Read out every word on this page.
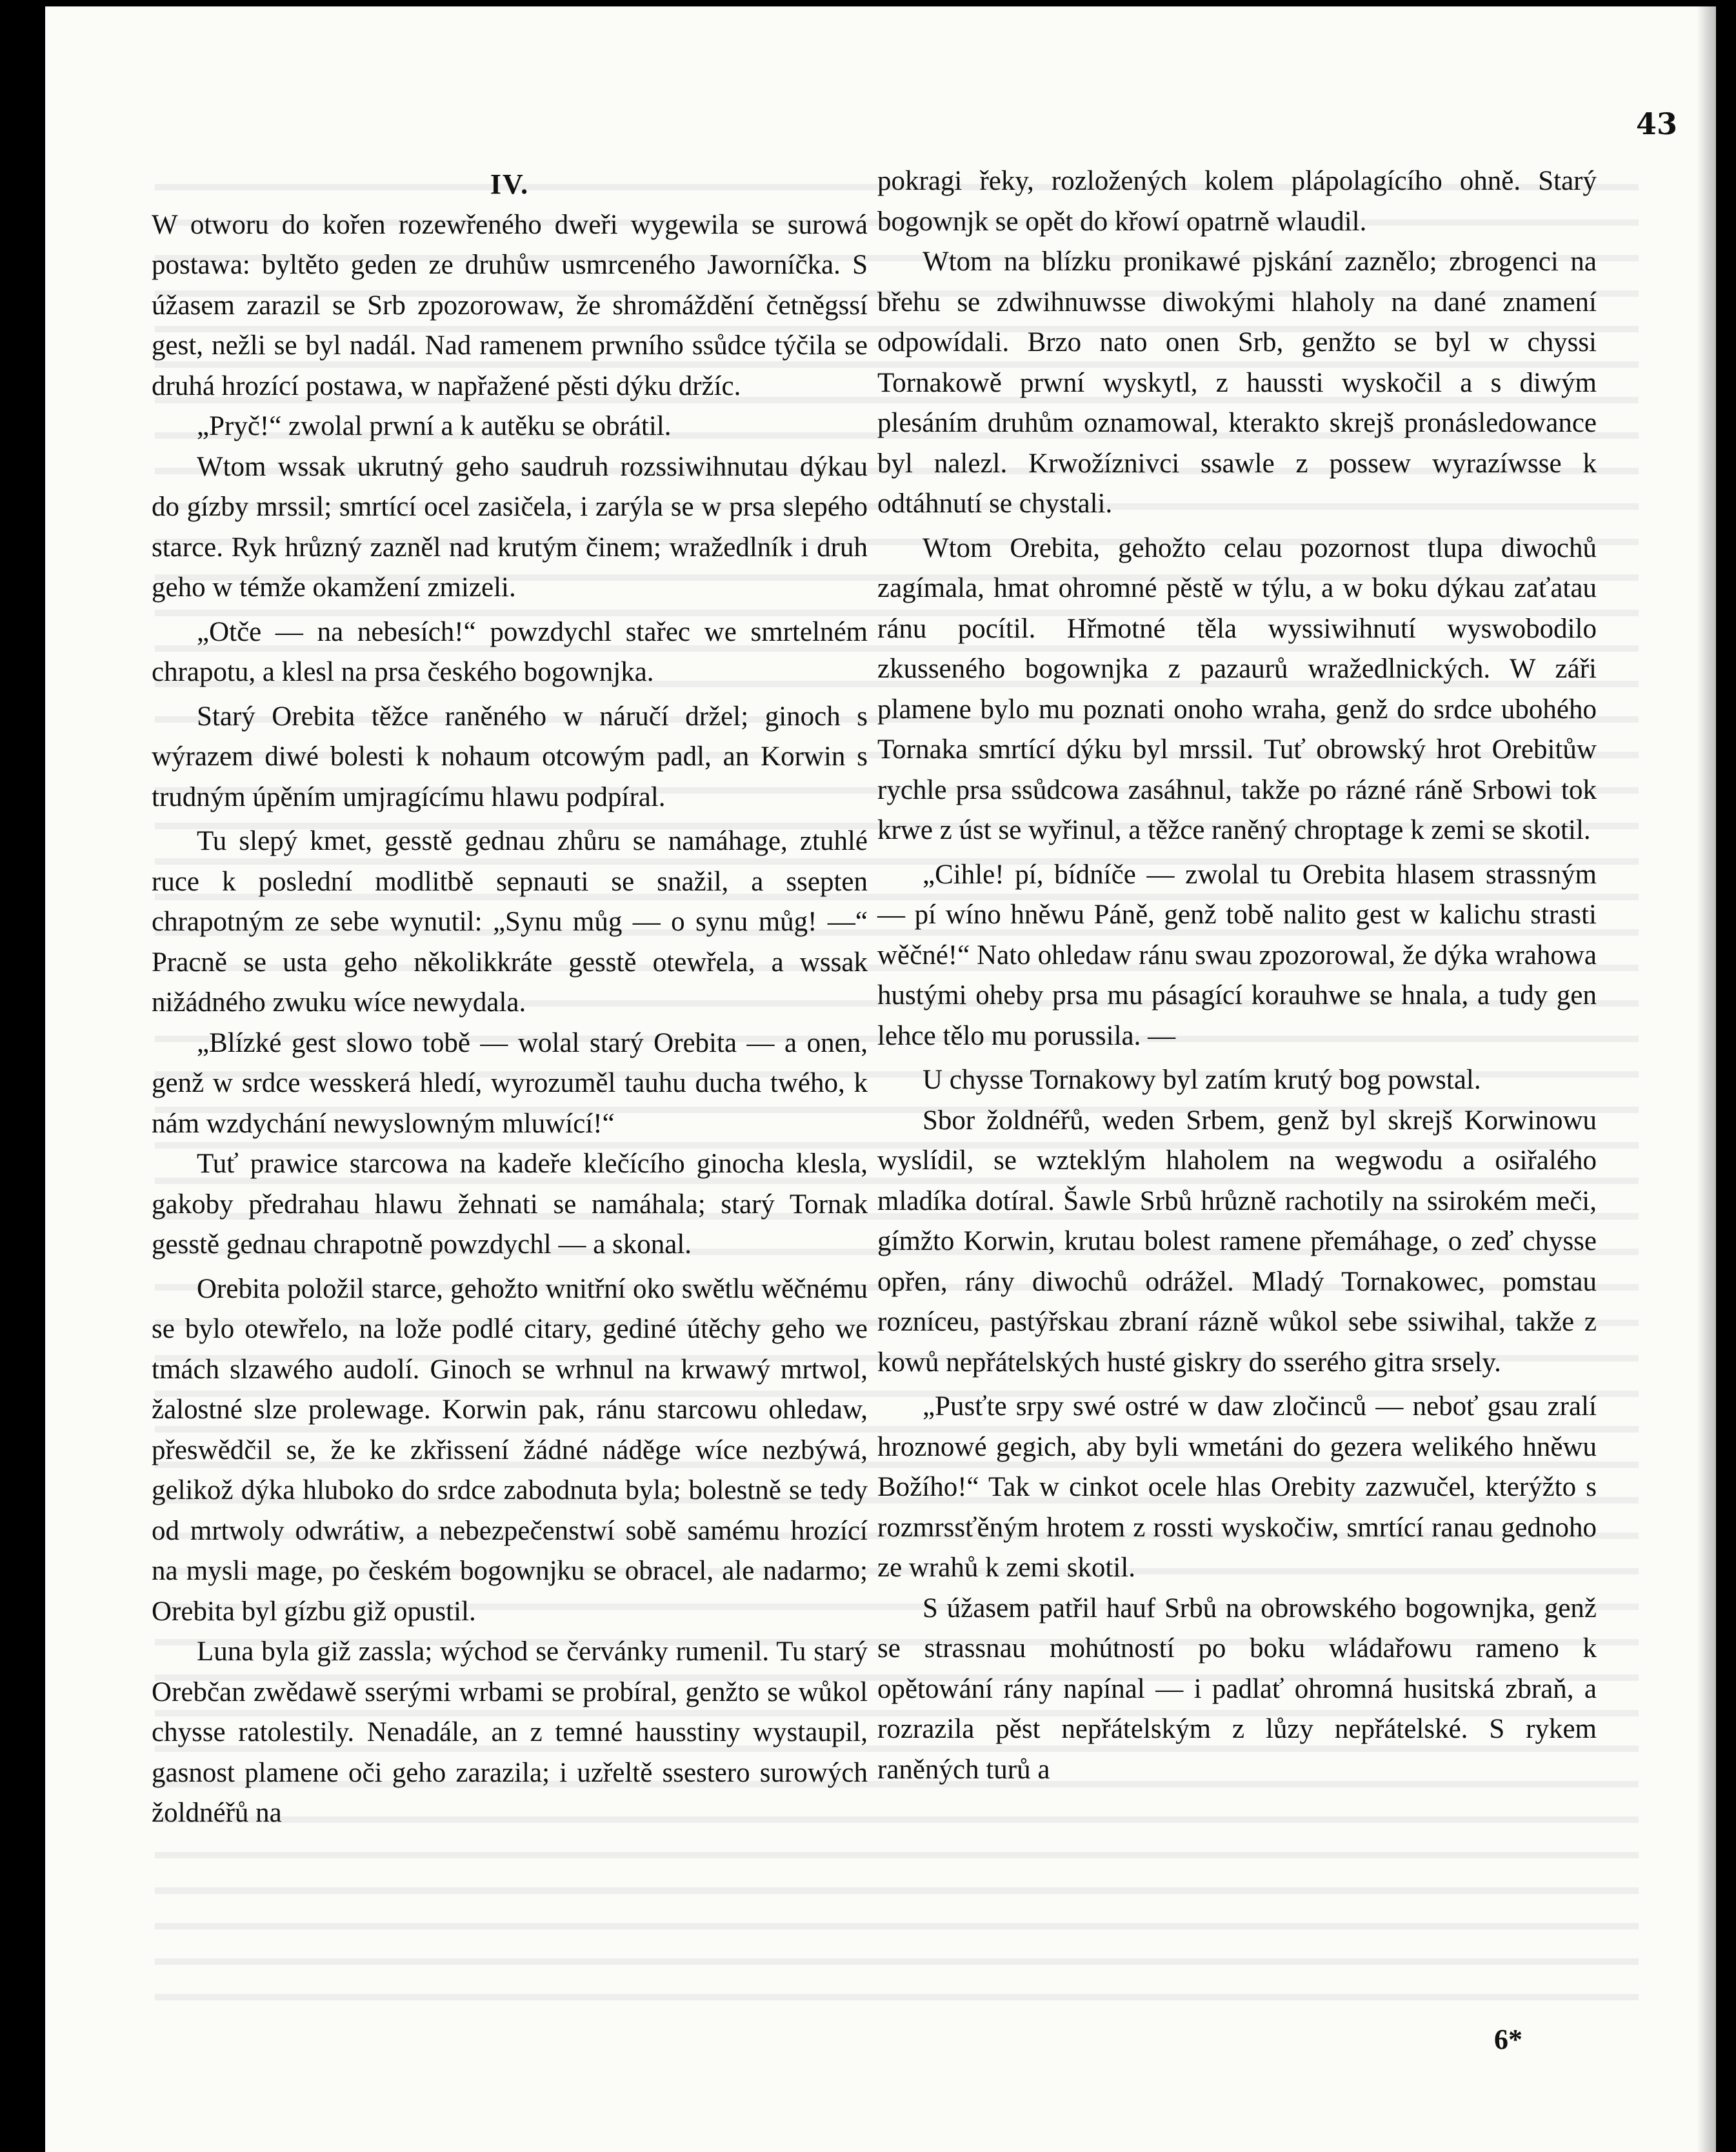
43

IV.

W otworu do kořen rozewřeného dweři wygewila se surowá postawa: byltěto geden ze druhůw usmrceného Jaworníčka. S úžasem zarazil se Srb zpozorowaw, že shromáždění četněgssí gest, nežli se byl nadál. Nad ramenem prwního ssůdce týčila se druhá hrozící postawa, w napřažené pěsti dýku držíc.

„Pryč!“ zwolal prwní a k autěku se obrátil.

Wtom wssak ukrutný geho saudruh rozssiwihnutau dýkau do gízby mrssil; smrtící ocel zasičela, i zarýla se w prsa slepého starce. Ryk hrůzný zazněl nad krutým činem; wražedlník i druh geho w témže okamžení zmizeli.

„Otče — na nebesích!“ powzdychl stařec we smrtelném chrapotu, a klesl na prsa českého bogownjka.

Starý Orebita těžce raněného w náručí držel; ginoch s wýrazem diwé bolesti k nohaum otcowým padl, an Korwin s trudným úpěním umjragícímu hlawu podpíral.

Tu slepý kmet, gesstě gednau zhůru se namáhage, ztuhlé ruce k poslední modlitbě sepnauti se snažil, a ssepten chrapotným ze sebe wynutil: „Synu můg — o synu můg! —“ Pracně se usta geho několikkráte gesstě otewřela, a wssak nižádného zwuku wíce newydala.

„Blízké gest slowo tobě — wolal starý Orebita — a onen, genž w srdce wesskerá hledí, wyrozuměl tauhu ducha twého, k nám wzdychání newyslowným mluwící!“

Tuť prawice starcowa na kadeře klečícího ginocha klesla, gakoby předrahau hlawu žehnati se namáhala; starý Tornak gesstě gednau chrapotně powzdychl — a skonal.

Orebita položil starce, gehožto wnitřní oko swětlu wěčnému se bylo otewřelo, na lože podlé citary, gediné útěchy geho we tmách slzawého audolí. Ginoch se wrhnul na krwawý mrtwol, žalostné slze prolewage. Korwin pak, ránu starcowu ohledaw, přeswědčil se, že ke zkřissení žádné náděge wíce nezbýwá, gelikož dýka hluboko do srdce zabodnuta byla; bolestně se tedy od mrtwoly odwrátiw, a nebezpečenstwí sobě samému hrozící na mysli mage, po českém bogownjku se obracel, ale nadarmo; Orebita byl gízbu giž opustil.

Luna byla giž zassla; wýchod se červánky rumenil. Tu starý Orebčan zwědawě sserými wrbami se probíral, genžto se wůkol chysse ratolestily. Nenadále, an z temné hausstiny wystaupil, gasnost plamene oči geho zarazila; i uzřeltě ssestero surowých žoldnéřů na

pokragi řeky, rozložených kolem plápolagícího ohně. Starý bogownjk se opět do křowí opatrně wlaudil.

Wtom na blízku pronikawé pjskání zaznělo; zbrogenci na břehu se zdwihnuwsse diwokými hlaholy na dané znamení odpowídali. Brzo nato onen Srb, genžto se byl w chyssi Tornakowě prwní wyskytl, z haussti wyskočil a s diwým plesáním druhům oznamowal, kterakto skrejš pronásledowance byl nalezl. Krwožíznivci ssawle z possew wyrazíwsse k odtáhnutí se chystali.

Wtom Orebita, gehožto celau pozornost tlupa diwochů zagímala, hmat ohromné pěstě w týlu, a w boku dýkau zaťatau ránu pocítil. Hřmotné těla wyssiwihnutí wyswobodilo zkusseného bogownjka z pazaurů wražedlnických. W záři plamene bylo mu poznati onoho wraha, genž do srdce ubohého Tornaka smrtící dýku byl mrssil. Tuť obrowský hrot Orebitůw rychle prsa ssůdcowa zasáhnul, takže po rázné ráně Srbowi tok krwe z úst se wyřinul, a těžce raněný chroptage k zemi se skotil.

„Cihle! pí, bídníče — zwolal tu Orebita hlasem strassným — pí wíno hněwu Páně, genž tobě nalito gest w kalichu strasti wěčné!“ Nato ohledaw ránu swau zpozorowal, že dýka wrahowa hustými oheby prsa mu pásagící korauhwe se hnala, a tudy gen lehce tělo mu porussila. —

U chysse Tornakowy byl zatím krutý bog powstal.

Sbor žoldnéřů, weden Srbem, genž byl skrejš Korwinowu wyslídil, se wzteklým hlaholem na wegwodu a osiřalého mladíka dotíral. Šawle Srbů hrůzně rachotily na ssirokém meči, gímžto Korwin, krutau bolest ramene přemáhage, o zeď chysse opřen, rány diwochů odrážel. Mladý Tornakowec, pomstau rozníceu, pastýřskau zbraní rázně wůkol sebe ssiwihal, takže z kowů nepřátelských husté giskry do sserého gitra srsely.

„Pusťte srpy swé ostré w daw zločinců — neboť gsau zralí hroznowé gegich, aby byli wmetáni do gezera welikého hněwu Božího!“ Tak w cinkot ocele hlas Orebity zazwučel, kterýžto s rozmrssťěným hrotem z rossti wyskočiw, smrtící ranau gednoho ze wrahů k zemi skotil.

S úžasem patřil hauf Srbů na obrowského bogownjka, genž se strassnau mohútností po boku wládařowu rameno k opětowání rány napínal — i padlať ohromná husitská zbraň, a rozrazila pěst nepřátelským z lůzy nepřátelské. S rykem raněných turů a

6*
